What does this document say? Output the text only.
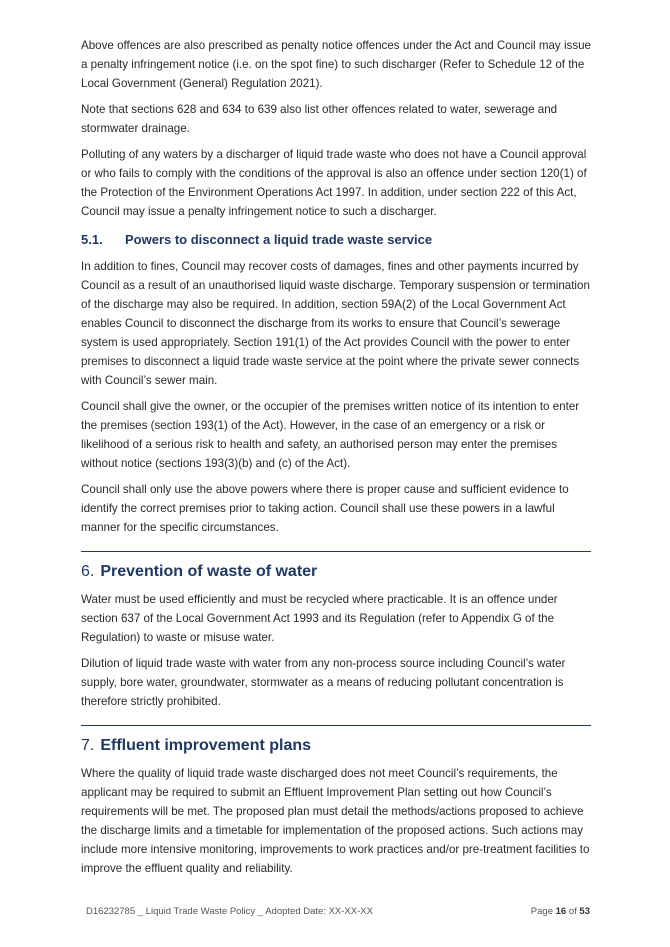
Above offences are also prescribed as penalty notice offences under the Act and Council may issue a penalty infringement notice (i.e. on the spot fine) to such discharger (Refer to Schedule 12 of the Local Government (General) Regulation 2021).

Note that sections 628 and 634 to 639 also list other offences related to water, sewerage and stormwater drainage.

Polluting of any waters by a discharger of liquid trade waste who does not have a Council approval or who fails to comply with the conditions of the approval is also an offence under section 120(1) of the Protection of the Environment Operations Act 1997. In addition, under section 222 of this Act, Council may issue a penalty infringement notice to such a discharger.

5.1. Powers to disconnect a liquid trade waste service

In addition to fines, Council may recover costs of damages, fines and other payments incurred by Council as a result of an unauthorised liquid waste discharge. Temporary suspension or termination of the discharge may also be required. In addition, section 59A(2) of the Local Government Act enables Council to disconnect the discharge from its works to ensure that Council’s sewerage system is used appropriately. Section 191(1) of the Act provides Council with the power to enter premises to disconnect a liquid trade waste service at the point where the private sewer connects with Council’s sewer main.

Council shall give the owner, or the occupier of the premises written notice of its intention to enter the premises (section 193(1) of the Act). However, in the case of an emergency or a risk or likelihood of a serious risk to health and safety, an authorised person may enter the premises without notice (sections 193(3)(b) and (c) of the Act).

Council shall only use the above powers where there is proper cause and sufficient evidence to identify the correct premises prior to taking action. Council shall use these powers in a lawful manner for the specific circumstances.

6. Prevention of waste of water

Water must be used efficiently and must be recycled where practicable. It is an offence under section 637 of the Local Government Act 1993 and its Regulation (refer to Appendix G of the Regulation) to waste or misuse water.

Dilution of liquid trade waste with water from any non-process source including Council’s water supply, bore water, groundwater, stormwater as a means of reducing pollutant concentration is therefore strictly prohibited.

7. Effluent improvement plans

Where the quality of liquid trade waste discharged does not meet Council’s requirements, the applicant may be required to submit an Effluent Improvement Plan setting out how Council’s requirements will be met. The proposed plan must detail the methods/actions proposed to achieve the discharge limits and a timetable for implementation of the proposed actions. Such actions may include more intensive monitoring, improvements to work practices and/or pre-treatment facilities to improve the effluent quality and reliability.

D16232785 _ Liquid Trade Waste Policy _ Adopted Date: XX-XX-XX	Page 16 of 53
